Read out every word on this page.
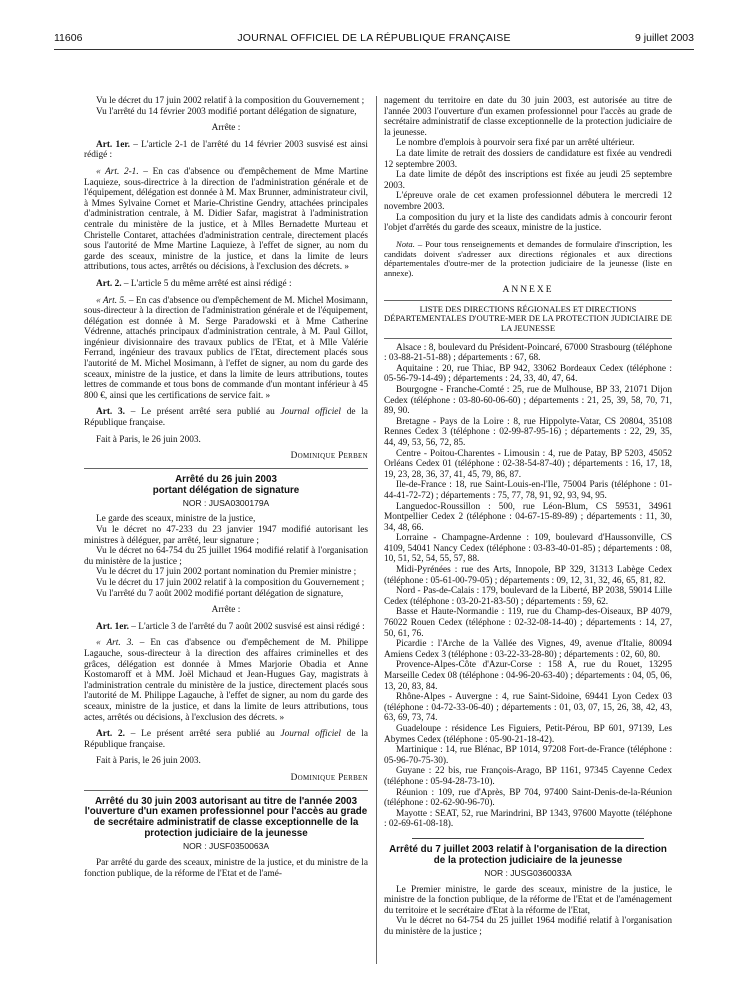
11606	JOURNAL OFFICIEL DE LA RÉPUBLIQUE FRANÇAISE	9 juillet 2003

Vu le décret du 17 juin 2002 relatif à la composition du Gouvernement ;

Vu l'arrêté du 14 février 2003 modifié portant délégation de signature,

Arrête :

Art. 1er. – L'article 2-1 de l'arrêté du 14 février 2003 susvisé est ainsi rédigé :

« Art. 2-1. – En cas d'absence ou d'empêchement de Mme Martine Laquieze, sous-directrice à la direction de l'administration générale et de l'équipement, délégation est donnée à M. Max Brunner, administrateur civil, à Mmes Sylvaine Cornet et Marie-Christine Gendry, attachées principales d'administration centrale, à M. Didier Safar, magistrat à l'administration centrale du ministère de la justice, et à Mlles Bernadette Murteau et Christelle Contaret, attachées d'administration centrale, directement placés sous l'autorité de Mme Martine Laquieze, à l'effet de signer, au nom du garde des sceaux, ministre de la justice, et dans la limite de leurs attributions, tous actes, arrêtés ou décisions, à l'exclusion des décrets. »

Art. 2. – L'article 5 du même arrêté est ainsi rédigé :

« Art. 5. – En cas d'absence ou d'empêchement de M. Michel Mosimann, sous-directeur à la direction de l'administration générale et de l'équipement, délégation est donnée à M. Serge Paradowski et à Mme Catherine Védrenne, attachés principaux d'administration centrale, à M. Paul Gillot, ingénieur divisionnaire des travaux publics de l'Etat, et à Mlle Valérie Ferrand, ingénieur des travaux publics de l'Etat, directement placés sous l'autorité de M. Michel Mosimann, à l'effet de signer, au nom du garde des sceaux, ministre de la justice, et dans la limite de leurs attributions, toutes lettres de commande et tous bons de commande d'un montant inférieur à 45 800 €, ainsi que les certifications de service fait. »

Art. 3. – Le présent arrêté sera publié au Journal officiel de la République française.

Fait à Paris, le 26 juin 2003.

Dominique Perben

Arrêté du 26 juin 2003

portant délégation de signature

NOR : JUSA0300179A

Le garde des sceaux, ministre de la justice,

Vu le décret no 47-233 du 23 janvier 1947 modifié autorisant les ministres à déléguer, par arrêté, leur signature ;

Vu le décret no 64-754 du 25 juillet 1964 modifié relatif à l'organisation du ministère de la justice ;

Vu le décret du 17 juin 2002 portant nomination du Premier ministre ;

Vu le décret du 17 juin 2002 relatif à la composition du Gouvernement ;

Vu l'arrêté du 7 août 2002 modifié portant délégation de signature,

Arrête :

Art. 1er. – L'article 3 de l'arrêté du 7 août 2002 susvisé est ainsi rédigé :

« Art. 3. – En cas d'absence ou d'empêchement de M. Philippe Lagauche, sous-directeur à la direction des affaires criminelles et des grâces, délégation est donnée à Mmes Marjorie Obadia et Anne Kostomaroff et à MM. Joël Michaud et Jean-Hugues Gay, magistrats à l'administration centrale du ministère de la justice, directement placés sous l'autorité de M. Philippe Lagauche, à l'effet de signer, au nom du garde des sceaux, ministre de la justice, et dans la limite de leurs attributions, tous actes, arrêtés ou décisions, à l'exclusion des décrets. »

Art. 2. – Le présent arrêté sera publié au Journal officiel de la République française.

Fait à Paris, le 26 juin 2003.

Dominique Perben

Arrêté du 30 juin 2003 autorisant au titre de l'année 2003 l'ouverture d'un examen professionnel pour l'accès au grade de secrétaire administratif de classe exceptionnelle de la protection judiciaire de la jeunesse

NOR : JUSF0350063A

Par arrêté du garde des sceaux, ministre de la justice, et du ministre de la fonction publique, de la réforme de l'Etat et de l'amé-

nagement du territoire en date du 30 juin 2003, est autorisée au titre de l'année 2003 l'ouverture d'un examen professionnel pour l'accès au grade de secrétaire administratif de classe exceptionnelle de la protection judiciaire de la jeunesse.

Le nombre d'emplois à pourvoir sera fixé par un arrêté ultérieur.

La date limite de retrait des dossiers de candidature est fixée au vendredi 12 septembre 2003.

La date limite de dépôt des inscriptions est fixée au jeudi 25 septembre 2003.

L'épreuve orale de cet examen professionnel débutera le mercredi 12 novembre 2003.

La composition du jury et la liste des candidats admis à concourir feront l'objet d'arrêtés du garde des sceaux, ministre de la justice.

Nota. – Pour tous renseignements et demandes de formulaire d'inscription, les candidats doivent s'adresser aux directions régionales et aux directions départementales d'outre-mer de la protection judiciaire de la jeunesse (liste en annexe).

ANNEXE

LISTE DES DIRECTIONS RÉGIONALES ET DIRECTIONS DÉPARTEMENTALES D'OUTRE-MER DE LA PROTECTION JUDICIAIRE DE LA JEUNESSE

Alsace : 8, boulevard du Président-Poincaré, 67000 Strasbourg (téléphone : 03-88-21-51-88) ; départements : 67, 68.

Aquitaine : 20, rue Thiac, BP 942, 33062 Bordeaux Cedex (téléphone : 05-56-79-14-49) ; départements : 24, 33, 40, 47, 64.

Bourgogne - Franche-Comté : 25, rue de Mulhouse, BP 33, 21071 Dijon Cedex (téléphone : 03-80-60-06-60) ; départements : 21, 25, 39, 58, 70, 71, 89, 90.

Bretagne - Pays de la Loire : 8, rue Hippolyte-Vatar, CS 20804, 35108 Rennes Cedex 3 (téléphone : 02-99-87-95-16) ; départements : 22, 29, 35, 44, 49, 53, 56, 72, 85.

Centre - Poitou-Charentes - Limousin : 4, rue de Patay, BP 5203, 45052 Orléans Cedex 01 (téléphone : 02-38-54-87-40) ; départements : 16, 17, 18, 19, 23, 28, 36, 37, 41, 45, 79, 86, 87.

Ile-de-France : 18, rue Saint-Louis-en-l'Ile, 75004 Paris (téléphone : 01-44-41-72-72) ; départements : 75, 77, 78, 91, 92, 93, 94, 95.

Languedoc-Roussillon : 500, rue Léon-Blum, CS 59531, 34961 Montpellier Cedex 2 (téléphone : 04-67-15-89-89) ; départements : 11, 30, 34, 48, 66.

Lorraine - Champagne-Ardenne : 109, boulevard d'Haussonville, CS 4109, 54041 Nancy Cedex (téléphone : 03-83-40-01-85) ; départements : 08, 10, 51, 52, 54, 55, 57, 88.

Midi-Pyrénées : rue des Arts, Innopole, BP 329, 31313 Labège Cedex (téléphone : 05-61-00-79-05) ; départements : 09, 12, 31, 32, 46, 65, 81, 82.

Nord - Pas-de-Calais : 179, boulevard de la Liberté, BP 2038, 59014 Lille Cedex (téléphone : 03-20-21-83-50) ; départements : 59, 62.

Basse et Haute-Normandie : 119, rue du Champ-des-Oiseaux, BP 4079, 76022 Rouen Cedex (téléphone : 02-32-08-14-40) ; départements : 14, 27, 50, 61, 76.

Picardie : l'Arche de la Vallée des Vignes, 49, avenue d'Italie, 80094 Amiens Cedex 3 (téléphone : 03-22-33-28-80) ; départements : 02, 60, 80.

Provence-Alpes-Côte d'Azur-Corse : 158 A, rue du Rouet, 13295 Marseille Cedex 08 (téléphone : 04-96-20-63-40) ; départements : 04, 05, 06, 13, 20, 83, 84.

Rhône-Alpes - Auvergne : 4, rue Saint-Sidoine, 69441 Lyon Cedex 03 (téléphone : 04-72-33-06-40) ; départements : 01, 03, 07, 15, 26, 38, 42, 43, 63, 69, 73, 74.

Guadeloupe : résidence Les Figuiers, Petit-Pérou, BP 601, 97139, Les Abymes Cedex (téléphone : 05-90-21-18-42).

Martinique : 14, rue Blénac, BP 1014, 97208 Fort-de-France (téléphone : 05-96-70-75-30).

Guyane : 22 bis, rue François-Arago, BP 1161, 97345 Cayenne Cedex (téléphone : 05-94-28-73-10).

Réunion : 109, rue d'Après, BP 704, 97400 Saint-Denis-de-la-Réunion (téléphone : 02-62-90-96-70).

Mayotte : SEAT, 52, rue Marindrini, BP 1343, 97600 Mayotte (téléphone : 02-69-61-08-18).

Arrêté du 7 juillet 2003 relatif à l'organisation de la direction de la protection judiciaire de la jeunesse

NOR : JUSG0360033A

Le Premier ministre, le garde des sceaux, ministre de la justice, le ministre de la fonction publique, de la réforme de l'Etat et de l'aménagement du territoire et le secrétaire d'Etat à la réforme de l'Etat,

Vu le décret no 64-754 du 25 juillet 1964 modifié relatif à l'organisation du ministère de la justice ;
